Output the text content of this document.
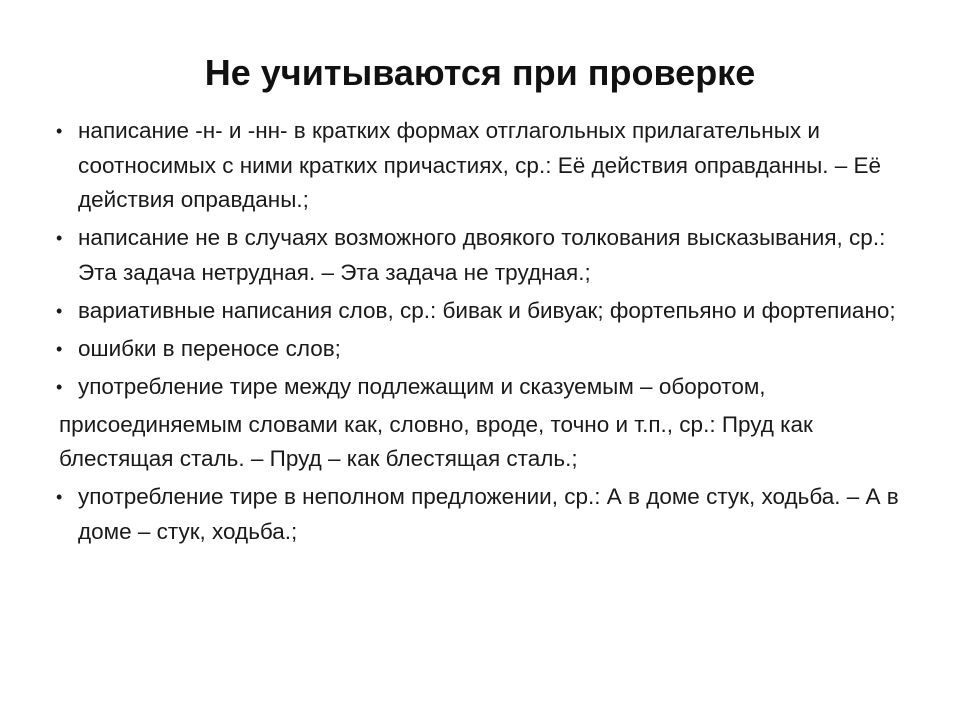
Не учитываются при проверке
• написание -н- и -нн- в кратких формах отглагольных прилагательных и соотносимых с ними кратких причастиях, ср.: Её действия оправданны. – Её действия оправданы.;
• написание не в случаях возможного двоякого толкования высказывания, ср.: Эта задача нетрудная. – Эта задача не трудная.;
• вариативные написания слов, ср.: бивак и бивуак; фортепьяно и фортепиано;
• ошибки в переносе слов;
• употребление тире между подлежащим и сказуемым – оборотом,
присоединяемым словами как, словно, вроде, точно и т.п., ср.: Пруд как блестящая сталь. – Пруд – как блестящая сталь.;
• употребление тире в неполном предложении, ср.: А в доме стук, ходьба. – А в доме – стук, ходьба.;
